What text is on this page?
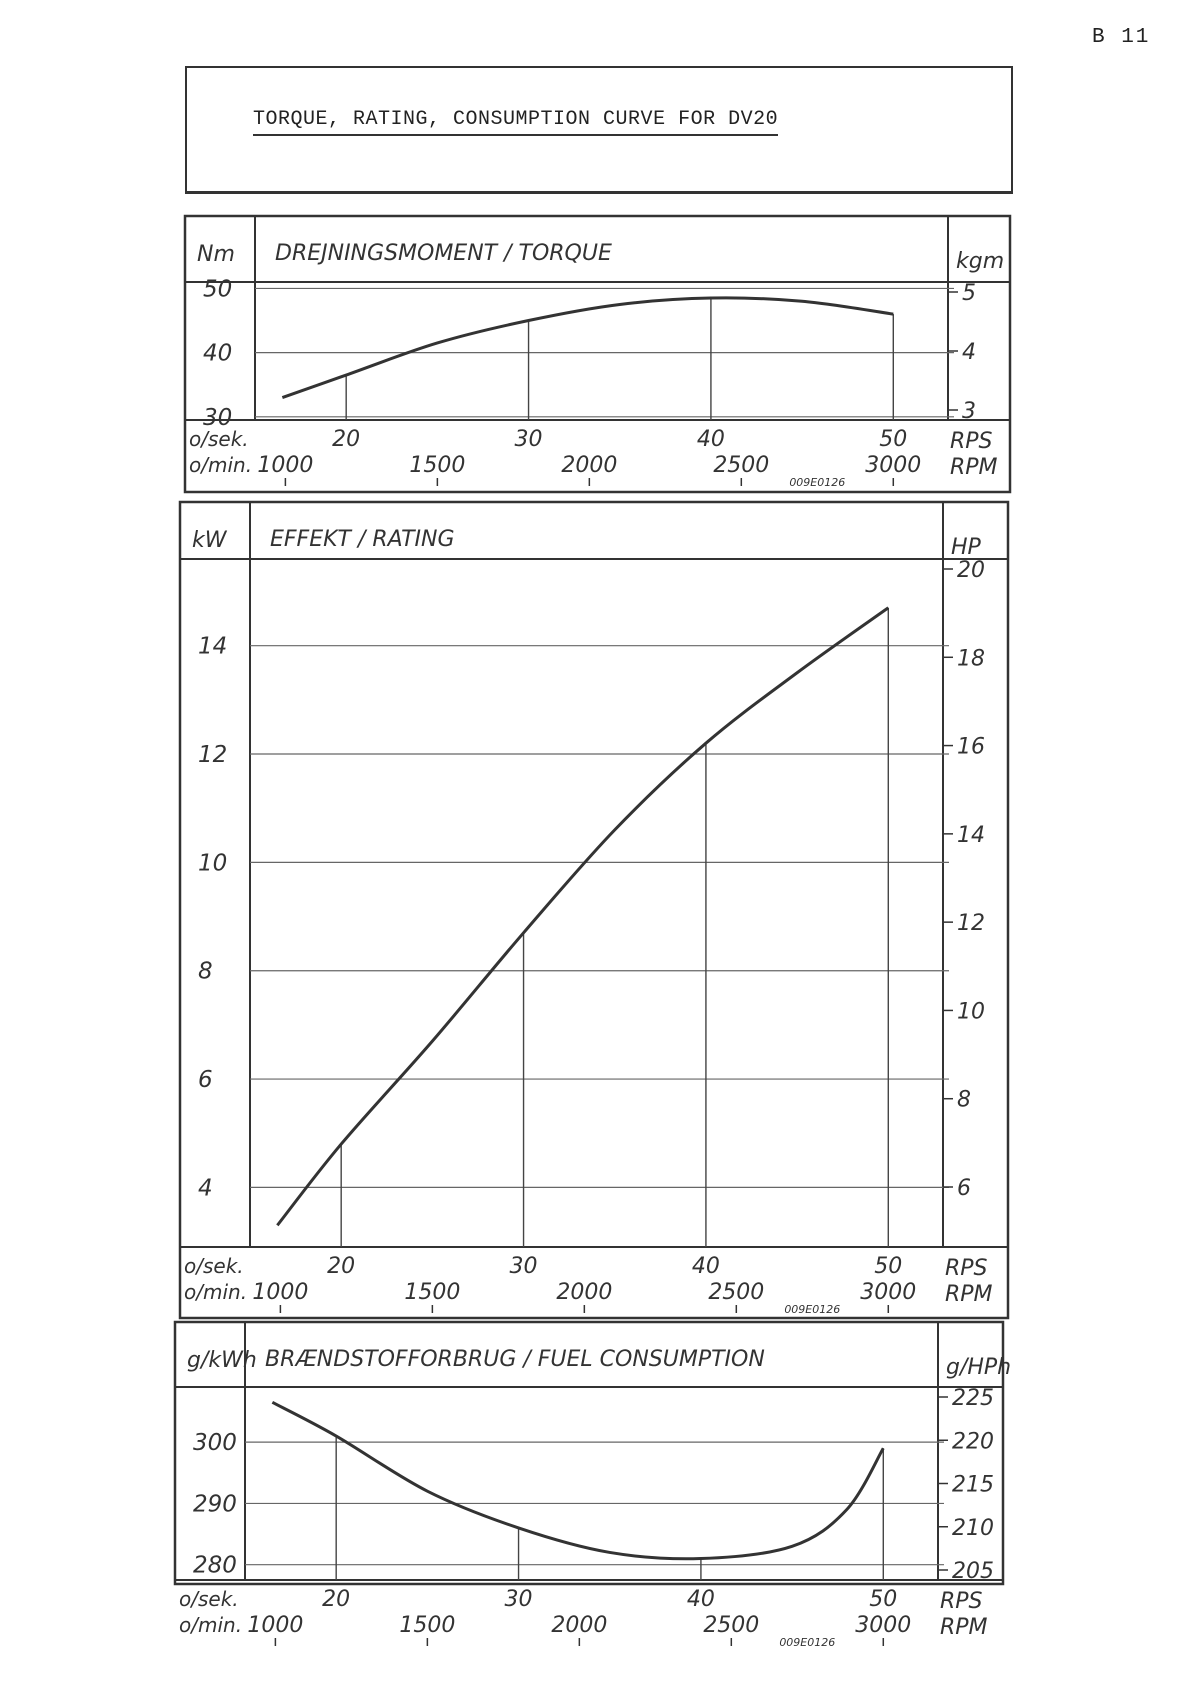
B 11
TORQUE, RATING, CONSUMPTION CURVE FOR DV20
Nm DREJNINGSMOMENT / TORQUE	kgm
30
40
50
3
4
5
o/sek.
o/min.
20	30	40	50
1000	1500	2000	2500	3000
RPS
RPM
009E0126
kW EFFEKT / RATING	HP
4
6
8
10
12
14
6
8
10
12
14
16
18
20
o/sek.
o/min.
20	30	40	50
1000	1500	2000	2500	3000
RPS
RPM
009E0126
g/kWh BRÆNDSTOFFORBRUG / FUEL CONSUMPTION	g/HPh
280
290
300
205
210
215
220
225
o/sek.
o/min.
20	30	40	50
1000	1500	2000	2500	3000
RPS
RPM
009E0126
